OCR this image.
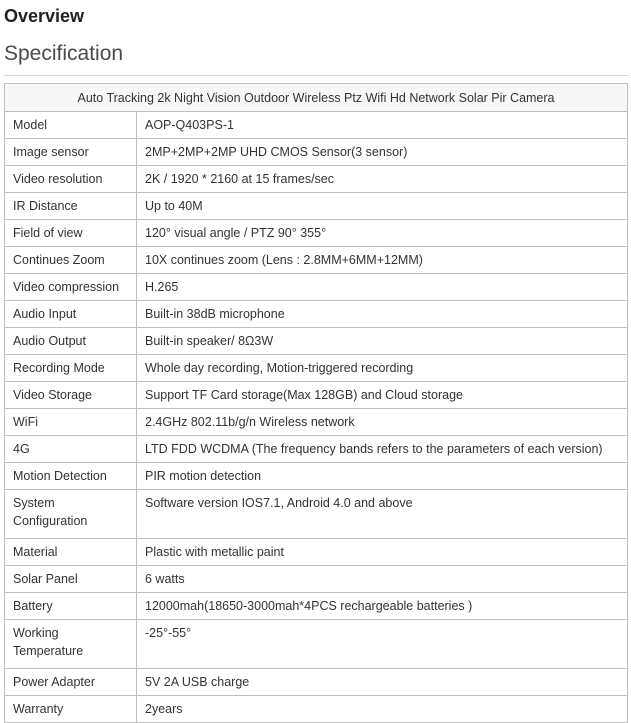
Overview
Specification
Auto Tracking 2k Night Vision Outdoor Wireless Ptz Wifi Hd Network Solar Pir Camera	
Model	AOP-Q403PS-1
Image sensor	2MP+2MP+2MP UHD CMOS Sensor(3 sensor)
Video resolution	2K / 1920 * 2160 at 15 frames/sec
IR Distance	Up to 40M
Field of view	120° visual angle / PTZ 90° 355°
Continues Zoom	10X continues zoom (Lens : 2.8MM+6MM+12MM)
Video compression	H.265
Audio Input	Built-in 38dB microphone
Audio Output	Built-in speaker/ 8Ω3W
Recording Mode	Whole day recording, Motion-triggered recording
Video Storage	Support TF Card storage(Max 128GB) and Cloud storage
WiFi	2.4GHz 802.11b/g/n Wireless network
4G	LTD FDD WCDMA (The frequency bands refers to the parameters of each version)
Motion Detection	PIR motion detection
System Configuration	Software version IOS7.1, Android 4.0 and above
Material	Plastic with metallic paint
Solar Panel	6 watts
Battery	12000mah(18650-3000mah*4PCS rechargeable batteries )
Working Temperature	-25°-55°
Power Adapter	5V 2A USB charge
Warranty	2years
